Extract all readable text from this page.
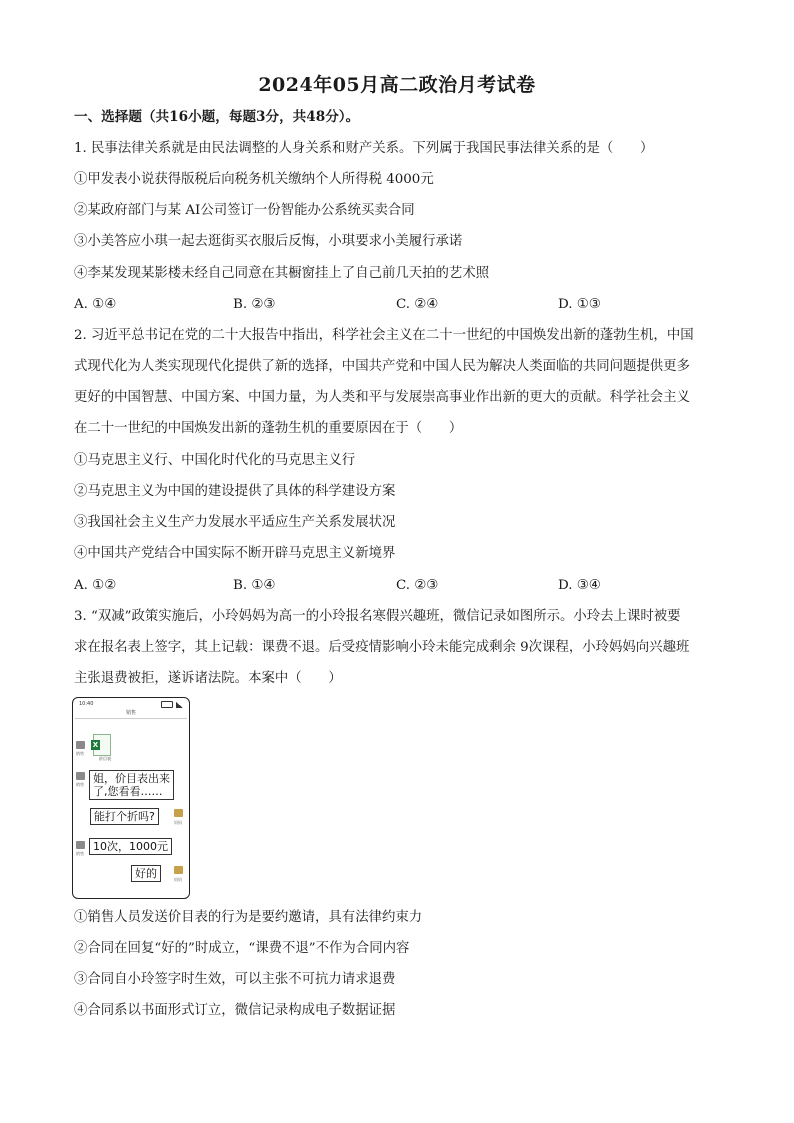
2024年05月高二政治月考试卷
一、选择题（共16小题，每题3分，共48分）。
1. 民事法律关系就是由民法调整的人身关系和财产关系。下列属于我国民事法律关系的是（　　）
①甲发表小说获得版税后向税务机关缴纳个人所得税 4000元
②某政府部门与某 AI公司签订一份智能办公系统买卖合同
③小美答应小琪一起去逛街买衣服后反悔，小琪要求小美履行承诺
④李某发现某影楼未经自己同意在其橱窗挂上了自己前几天拍的艺术照
A. ①④	B. ②③	C. ②④	D. ①③
2. 习近平总书记在党的二十大报告中指出，科学社会主义在二十一世纪的中国焕发出新的蓬勃生机，中国
式现代化为人类实现现代化提供了新的选择，中国共产党和中国人民为解决人类面临的共同问题提供更多
更好的中国智慧、中国方案、中国力量，为人类和平与发展崇高事业作出新的更大的贡献。科学社会主义
在二十一世纪的中国焕发出新的蓬勃生机的重要原因在于（　　）
①马克思主义行、中国化时代化的马克思主义行
②马克思主义为中国的建设提供了具体的科学建设方案
③我国社会主义生产力发展水平适应生产关系发展状况
④中国共产党结合中国实际不断开辟马克思主义新境界
A. ①②	B. ①④	C. ②③	D. ③④
3. “双减”政策实施后，小玲妈妈为高一的小玲报名寒假兴趣班，微信记录如图所示。小玲去上课时被要
求在报名表上签字，其上记载：课费不退。后受疫情影响小玲未能完成剩余 9次课程，小玲妈妈向兴趣班
主张退费被拒，遂诉诸法院。本案中（　　）
10:40
销售
销售
X
价目表
销售 姐，价目表出来
了,您看看……
能打个折吗?	妈妈
销售
10次，1000元
好的	妈妈
①销售人员发送价目表的行为是要约邀请，具有法律约束力
②合同在回复“好的”时成立，“课费不退”不作为合同内容
③合同自小玲签字时生效，可以主张不可抗力请求退费
④合同系以书面形式订立，微信记录构成电子数据证据
